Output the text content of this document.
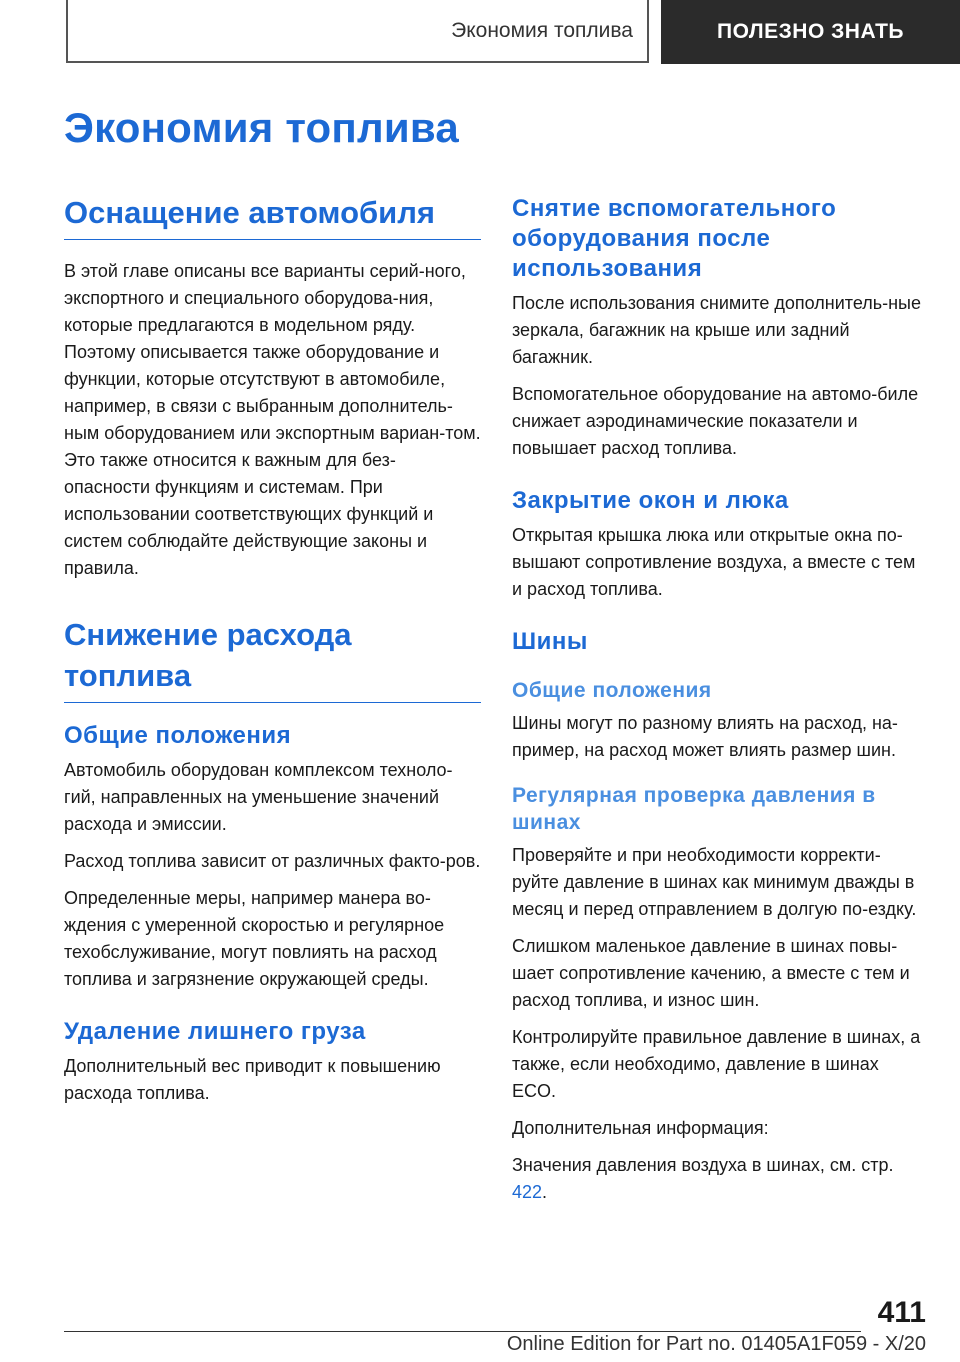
Экономия топлива	ПОЛЕЗНО ЗНАТЬ
Экономия топлива
Оснащение автомобиля

В этой главе описаны все варианты серий-ного, экспортного и специального оборудова-ния, которые предлагаются в модельном ряду. Поэтому описывается также оборудование и функции, которые отсутствуют в автомобиле, например, в связи с выбранным дополнитель-ным оборудованием или экспортным вариан-том. Это также относится к важным для без-опасности функциям и системам. При использовании соответствующих функций и систем соблюдайте действующие законы и правила.

Снижение расхода топлива
Общие положения

Автомобиль оборудован комплексом техноло-гий, направленных на уменьшение значений расхода и эмиссии.

Расход топлива зависит от различных факто-ров.

Определенные меры, например манера во-ждения с умеренной скоростью и регулярное техобслуживание, могут повлиять на расход топлива и загрязнение окружающей среды.

Удаление лишнего груза

Дополнительный вес приводит к повышению расхода топлива.

Снятие вспомогательного оборудования после использования

После использования снимите дополнитель-ные зеркала, багажник на крыше или задний багажник.

Вспомогательное оборудование на автомо-биле снижает аэродинамические показатели и повышает расход топлива.

Закрытие окон и люка

Открытая крышка люка или открытые окна по-вышают сопротивление воздуха, а вместе с тем и расход топлива.

Шины
Общие положения

Шины могут по разному влиять на расход, на-пример, на расход может влиять размер шин.

Регулярная проверка давления в шинах

Проверяйте и при необходимости корректи-руйте давление в шинах как минимум дважды в месяц и перед отправлением в долгую по-ездку.

Слишком маленькое давление в шинах повы-шает сопротивление качению, а вместе с тем и расход топлива, и износ шин.

Контролируйте правильное давление в шинах, а также, если необходимо, давление в шинах ECO.

Дополнительная информация:

Значения давления воздуха в шинах, см. стр. 422.

411
Online Edition for Part no. 01405A1F059 - X/20
